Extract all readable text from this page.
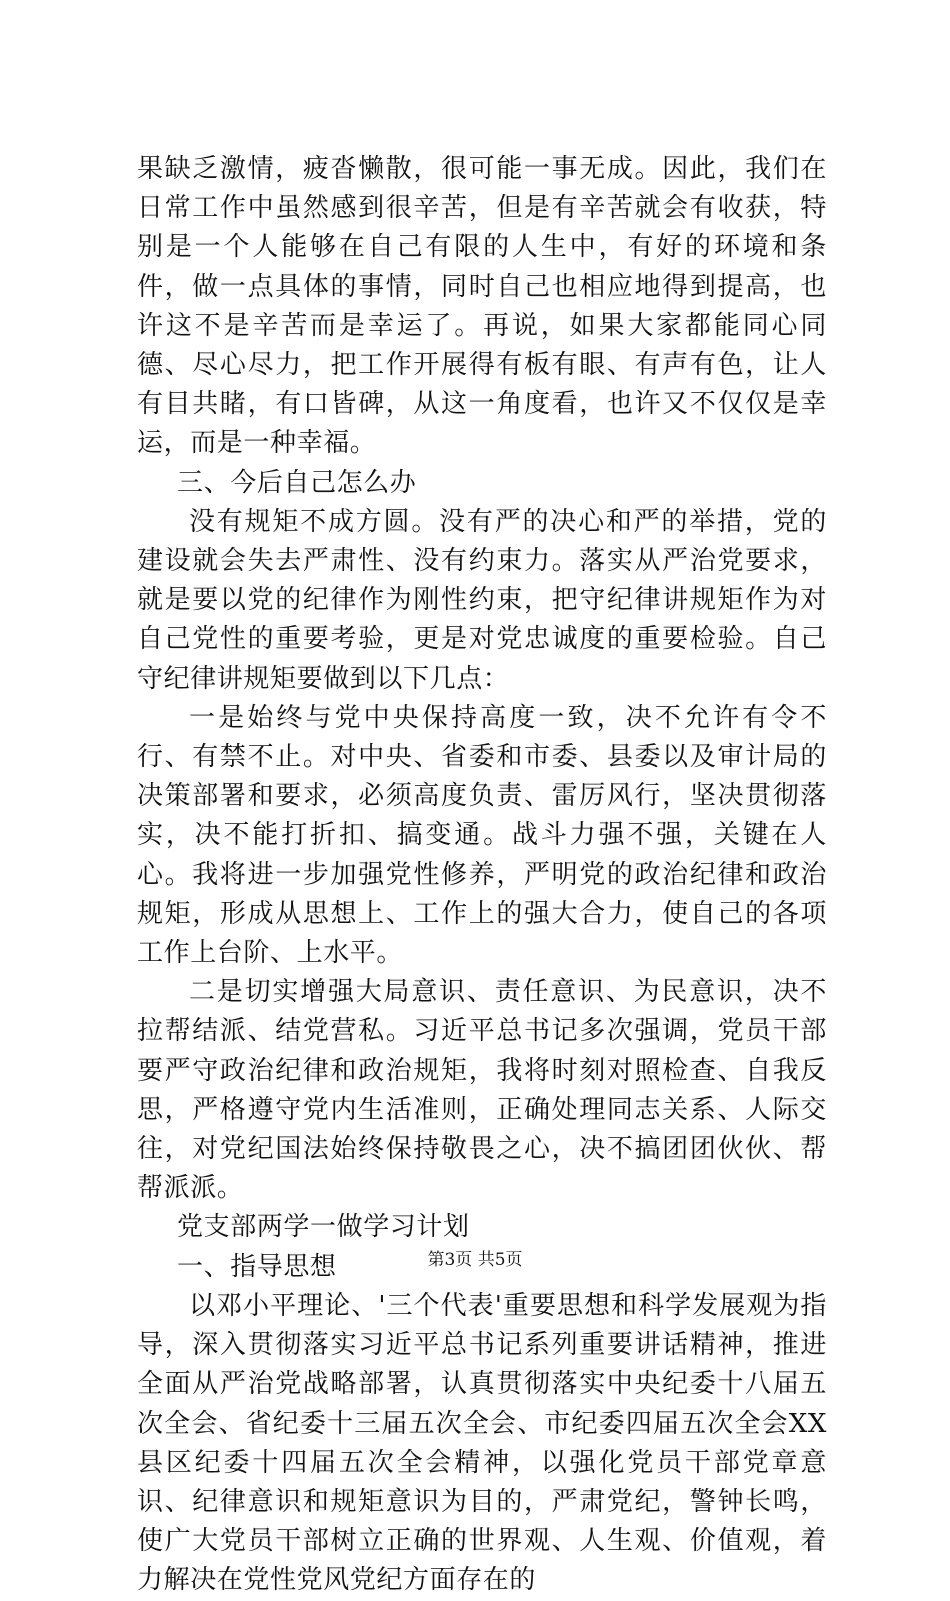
果缺乏激情，疲沓懒散，很可能一事无成。因此，我们在日常工作中虽然感到很辛苦，但是有辛苦就会有收获，特别是一个人能够在自己有限的人生中，有好的环境和条件，做一点具体的事情，同时自己也相应地得到提高，也许这不是辛苦而是幸运了。再说，如果大家都能同心同德、尽心尽力，把工作开展得有板有眼、有声有色，让人有目共睹，有口皆碑，从这一角度看，也许又不仅仅是幸运，而是一种幸福。

三、今后自己怎么办

没有规矩不成方圆。没有严的决心和严的举措，党的建设就会失去严肃性、没有约束力。落实从严治党要求，就是要以党的纪律作为刚性约束，把守纪律讲规矩作为对自己党性的重要考验，更是对党忠诚度的重要检验。自己守纪律讲规矩要做到以下几点：

一是始终与党中央保持高度一致，决不允许有令不行、有禁不止。对中央、省委和市委、县委以及审计局的决策部署和要求，必须高度负责、雷厉风行，坚决贯彻落实，决不能打折扣、搞变通。战斗力强不强，关键在人心。我将进一步加强党性修养，严明党的政治纪律和政治规矩，形成从思想上、工作上的强大合力，使自己的各项工作上台阶、上水平。

二是切实增强大局意识、责任意识、为民意识，决不拉帮结派、结党营私。习近平总书记多次强调，党员干部要严守政治纪律和政治规矩，我将时刻对照检查、自我反思，严格遵守党内生活准则，正确处理同志关系、人际交往，对党纪国法始终保持敬畏之心，决不搞团团伙伙、帮帮派派。

党支部两学一做学习计划

一、指导思想

以邓小平理论、'三个代表'重要思想和科学发展观为指导，深入贯彻落实习近平总书记系列重要讲话精神，推进全面从严治党战略部署，认真贯彻落实中央纪委十八届五次全会、省纪委十三届五次全会、市纪委四届五次全会XX县区纪委十四届五次全会精神，以强化党员干部党章意识、纪律意识和规矩意识为目的，严肃党纪，警钟长鸣，使广大党员干部树立正确的世界观、人生观、价值观，着力解决在党性党风党纪方面存在的

第3页 共5页
